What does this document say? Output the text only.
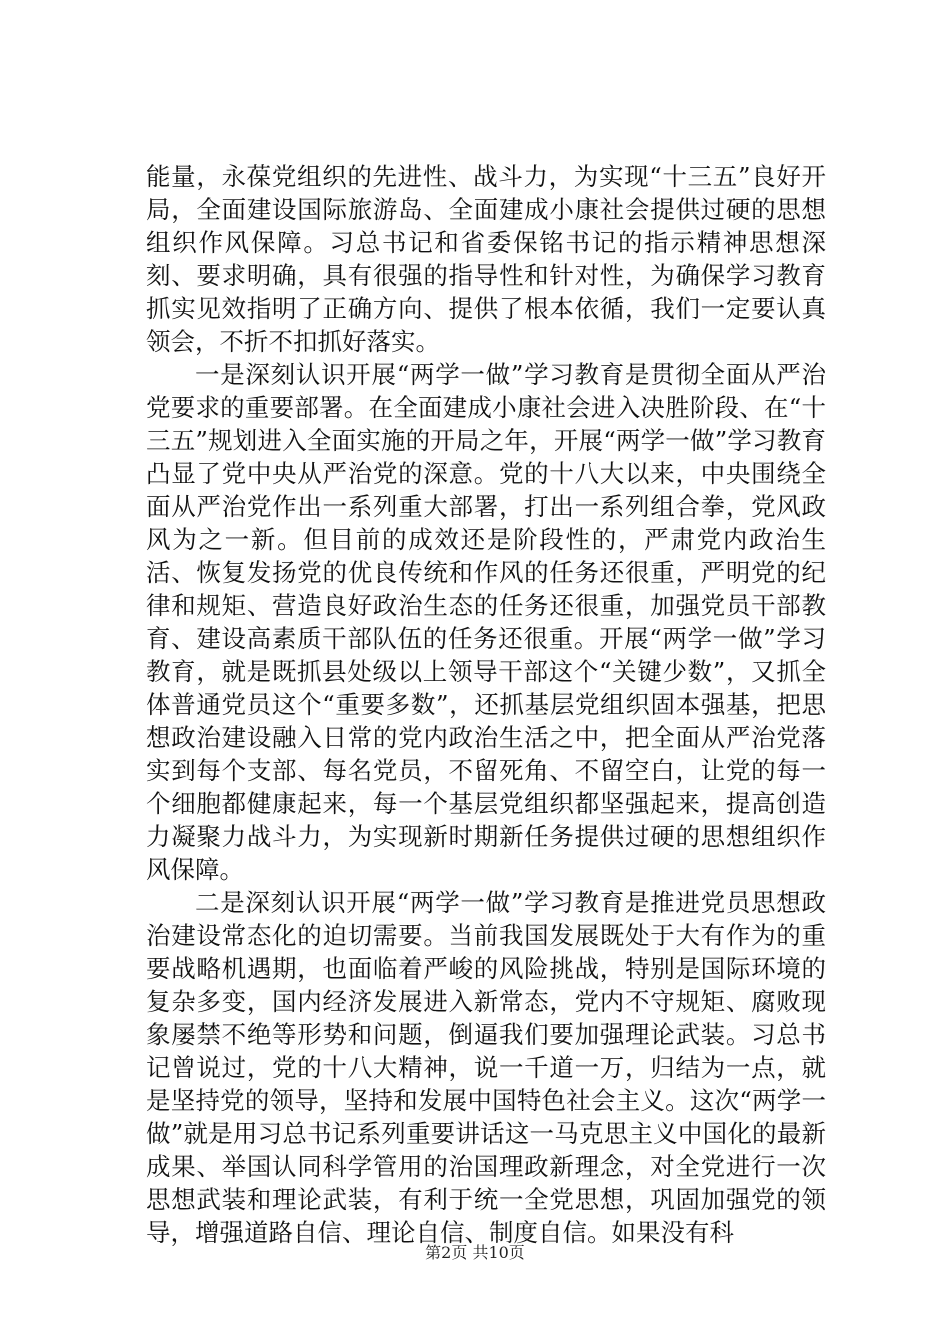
能量，永葆党组织的先进性、战斗力，为实现“十三五”良好开局，全面建设国际旅游岛、全面建成小康社会提供过硬的思想组织作风保障。习总书记和省委保铭书记的指示精神思想深刻、要求明确，具有很强的指导性和针对性，为确保学习教育抓实见效指明了正确方向、提供了根本依循，我们一定要认真领会，不折不扣抓好落实。

一是深刻认识开展“两学一做”学习教育是贯彻全面从严治党要求的重要部署。在全面建成小康社会进入决胜阶段、在“十三五”规划进入全面实施的开局之年，开展“两学一做”学习教育凸显了党中央从严治党的深意。党的十八大以来，中央围绕全面从严治党作出一系列重大部署，打出一系列组合拳，党风政风为之一新。但目前的成效还是阶段性的，严肃党内政治生活、恢复发扬党的优良传统和作风的任务还很重，严明党的纪律和规矩、营造良好政治生态的任务还很重，加强党员干部教育、建设高素质干部队伍的任务还很重。开展“两学一做”学习教育，就是既抓县处级以上领导干部这个“关键少数”，又抓全体普通党员这个“重要多数”，还抓基层党组织固本强基，把思想政治建设融入日常的党内政治生活之中，把全面从严治党落实到每个支部、每名党员，不留死角、不留空白，让党的每一个细胞都健康起来，每一个基层党组织都坚强起来，提高创造力凝聚力战斗力，为实现新时期新任务提供过硬的思想组织作风保障。

二是深刻认识开展“两学一做”学习教育是推进党员思想政治建设常态化的迫切需要。当前我国发展既处于大有作为的重要战略机遇期，也面临着严峻的风险挑战，特别是国际环境的复杂多变，国内经济发展进入新常态，党内不守规矩、腐败现象屡禁不绝等形势和问题，倒逼我们要加强理论武装。习总书记曾说过，党的十八大精神，说一千道一万，归结为一点，就是坚持党的领导，坚持和发展中国特色社会主义。这次“两学一做”就是用习总书记系列重要讲话这一马克思主义中国化的最新成果、举国认同科学管用的治国理政新理念，对全党进行一次思想武装和理论武装，有利于统一全党思想，巩固加强党的领导，增强道路自信、理论自信、制度自信。如果没有科

第2页 共10页
